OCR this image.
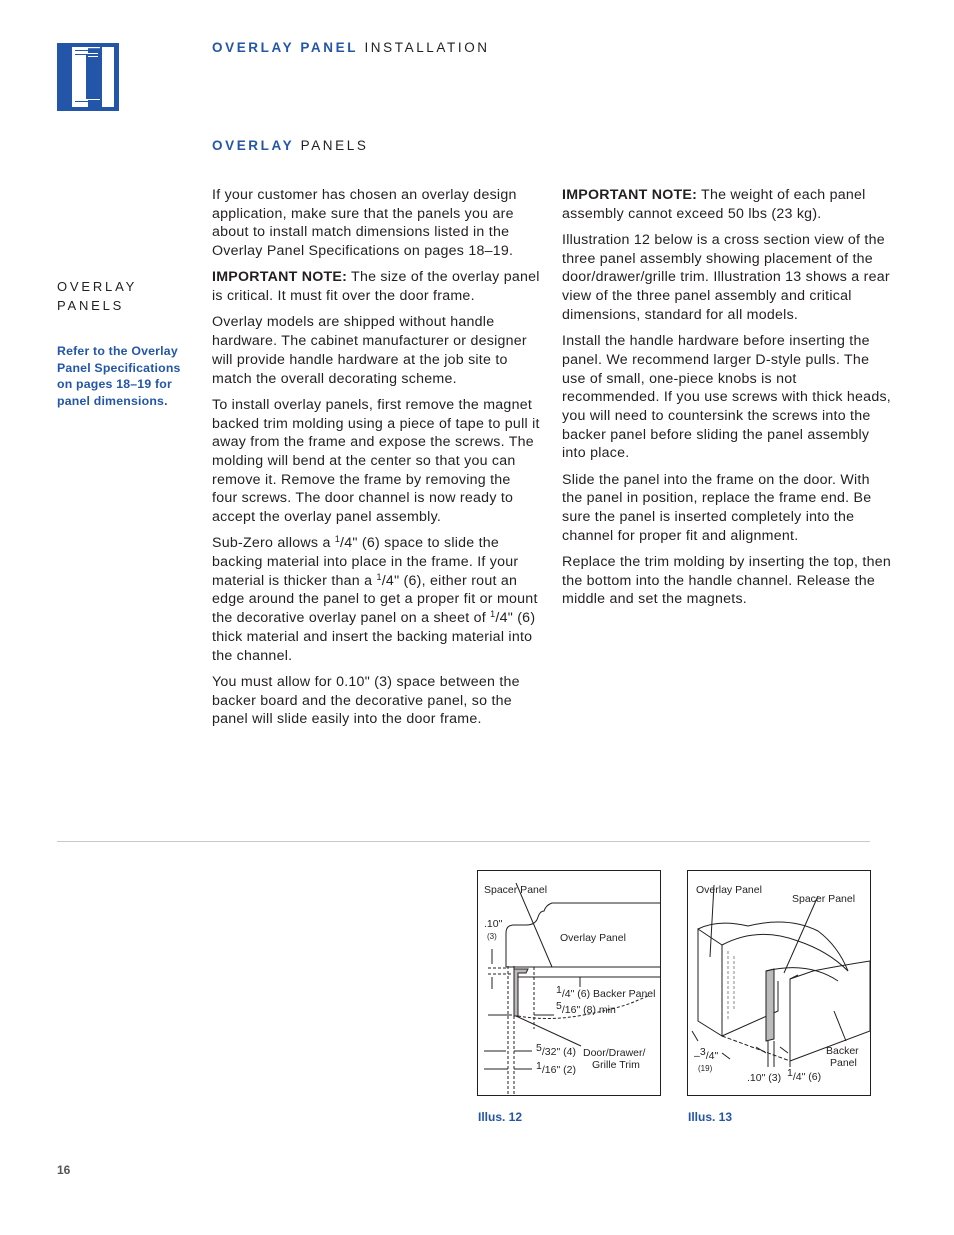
OVERLAY PANEL INSTALLATION
OVERLAY PANELS
OVERLAY
PANELS
Refer to the Overlay Panel Specifications on pages 18–19 for panel dimensions.

If your customer has chosen an overlay design application, make sure that the panels you are about to install match dimensions listed in the Overlay Panel Specifications on pages 18–19.

IMPORTANT NOTE: The size of the overlay panel is critical. It must fit over the door frame.

Overlay models are shipped without handle hardware. The cabinet manufacturer or designer will provide handle hardware at the job site to match the overall decorating scheme.

To install overlay panels, first remove the magnet backed trim molding using a piece of tape to pull it away from the frame and expose the screws. The molding will bend at the center so that you can remove it. Remove the frame by removing the four screws. The door channel is now ready to accept the overlay panel assembly.

Sub-Zero allows a $^1$/4" (6) space to slide the backing material into place in the frame. If your material is thicker than a $^1$/4" (6), either rout an edge around the panel to get a proper fit or mount the decorative overlay panel on a sheet of $^1$/4" (6) thick material and insert the backing material into the channel.

You must allow for 0.10" (3) space between the backer board and the decorative panel, so the panel will slide easily into the door frame.

IMPORTANT NOTE: The weight of each panel assembly cannot exceed 50 lbs (23 kg).

Illustration 12 below is a cross section view of the three panel assembly showing placement of the door/drawer/grille trim. Illustration 13 shows a rear view of the three panel assembly and critical dimensions, standard for all models.

Install the handle hardware before inserting the panel. We recommend larger D-style pulls. The use of small, one-piece knobs is not recommended. If you use screws with thick heads, you will need to countersink the screws into the backer panel before sliding the panel assembly into place.

Slide the panel into the frame on the door. With the panel in position, replace the frame end. Be sure the panel is inserted completely into the channel for proper fit and alignment.

Replace the trim molding by inserting the top, then the bottom into the handle channel. Release the middle and set the magnets.

Spacer Panel
Overlay Panel
.10"
(3)
1/4" (6) Backer Panel
5/16" (8) min
5/32" (4)
1/16" (2)
Door/Drawer/
Grille Trim
Illus. 12
Overlay Panel
Spacer Panel
Backer
Panel
–3/4"
(19)
.10" (3) 1/4" (6)
Illus. 13
16
